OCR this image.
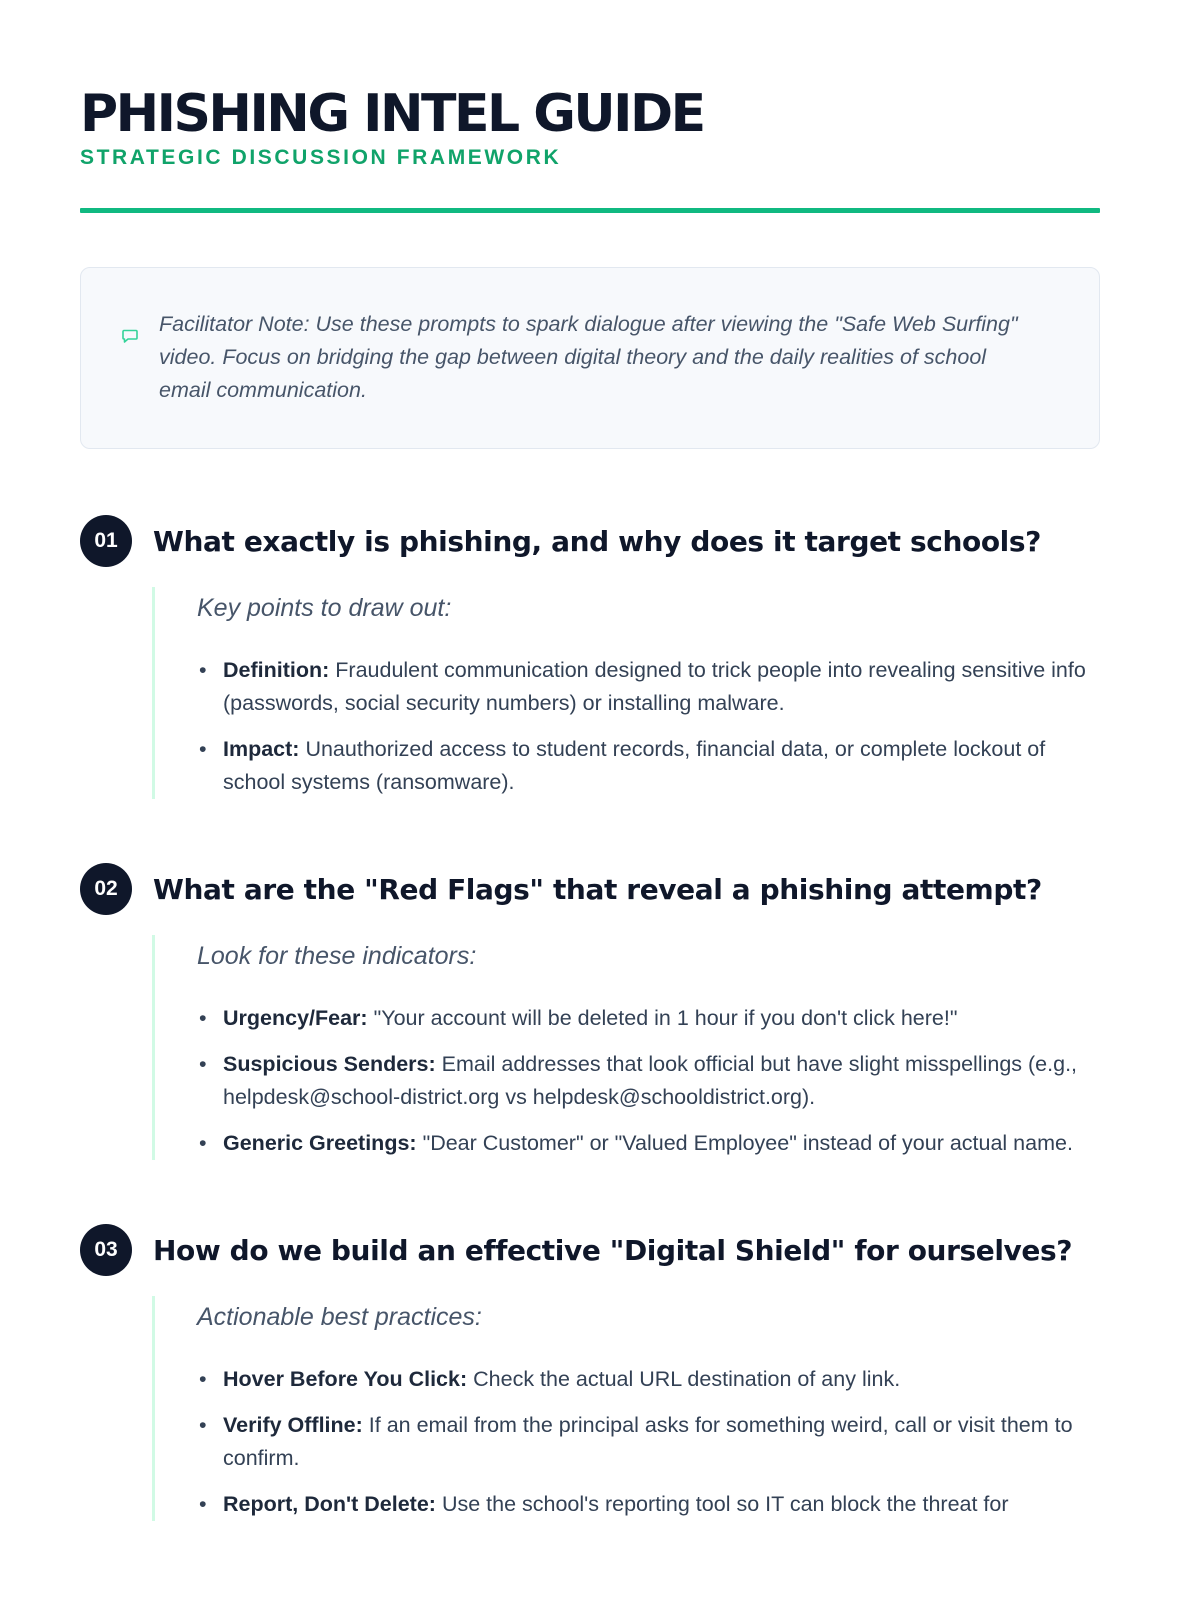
PHISHING INTEL GUIDE
STRATEGIC DISCUSSION FRAMEWORK
Facilitator Note: Use these prompts to spark dialogue after viewing the "Safe Web Surfing" video. Focus on bridging the gap between digital theory and the daily realities of school email communication.
01	What exactly is phishing, and why does it target schools?
Key points to draw out:
• Definition: Fraudulent communication designed to trick people into revealing sensitive info (passwords, social security numbers) or installing malware.
• Impact: Unauthorized access to student records, financial data, or complete lockout of school systems (ransomware).
02	What are the "Red Flags" that reveal a phishing attempt?
Look for these indicators:
• Urgency/Fear: "Your account will be deleted in 1 hour if you don't click here!"
• Suspicious Senders: Email addresses that look official but have slight misspellings (e.g., helpdesk@school-district.org vs helpdesk@schooldistrict.org).
• Generic Greetings: "Dear Customer" or "Valued Employee" instead of your actual name.
03	How do we build an effective "Digital Shield" for ourselves?
Actionable best practices:
• Hover Before You Click: Check the actual URL destination of any link.
• Verify Offline: If an email from the principal asks for something weird, call or visit them to confirm.
• Report, Don't Delete: Use the school's reporting tool so IT can block the threat for
